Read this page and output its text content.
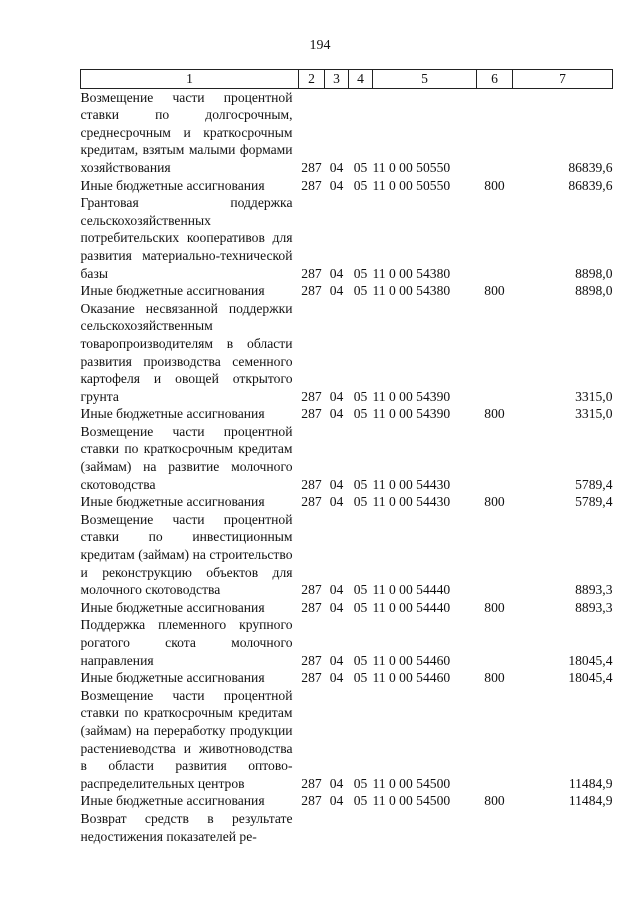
194
1	2	3	4	5	6	7
Возмещение части процентной ставки по долгосрочным, среднесрочным и краткосрочным кредитам, взятым малыми формами хозяйствования	287	04	05	11 0 00 50550		86839,6
Иные бюджетные ассигнования	287	04	05	11 0 00 50550	800	86839,6
Грантовая поддержка сельскохозяйственных потребительских кооперативов для развития материально-технической базы	287	04	05	11 0 00 54380		8898,0
Иные бюджетные ассигнования	287	04	05	11 0 00 54380	800	8898,0
Оказание несвязанной поддержки сельскохозяйственным товаропроизводителям в области развития производства семенного картофеля и овощей открытого грунта	287	04	05	11 0 00 54390		3315,0
Иные бюджетные ассигнования	287	04	05	11 0 00 54390	800	3315,0
Возмещение части процентной ставки по краткосрочным кредитам (займам) на развитие молочного скотоводства	287	04	05	11 0 00 54430		5789,4
Иные бюджетные ассигнования	287	04	05	11 0 00 54430	800	5789,4
Возмещение части процентной ставки по инвестиционным кредитам (займам) на строительство и реконструкцию объектов для молочного скотоводства	287	04	05	11 0 00 54440		8893,3
Иные бюджетные ассигнования	287	04	05	11 0 00 54440	800	8893,3
Поддержка племенного крупного рогатого скота молочного направления	287	04	05	11 0 00 54460		18045,4
Иные бюджетные ассигнования	287	04	05	11 0 00 54460	800	18045,4
Возмещение части процентной ставки по краткосрочным кредитам (займам) на переработку продукции растениеводства и животноводства в области развития оптово-распределительных центров	287	04	05	11 0 00 54500		11484,9
Иные бюджетные ассигнования	287	04	05	11 0 00 54500	800	11484,9
Возврат средств в результате недостижения показателей ре-						
